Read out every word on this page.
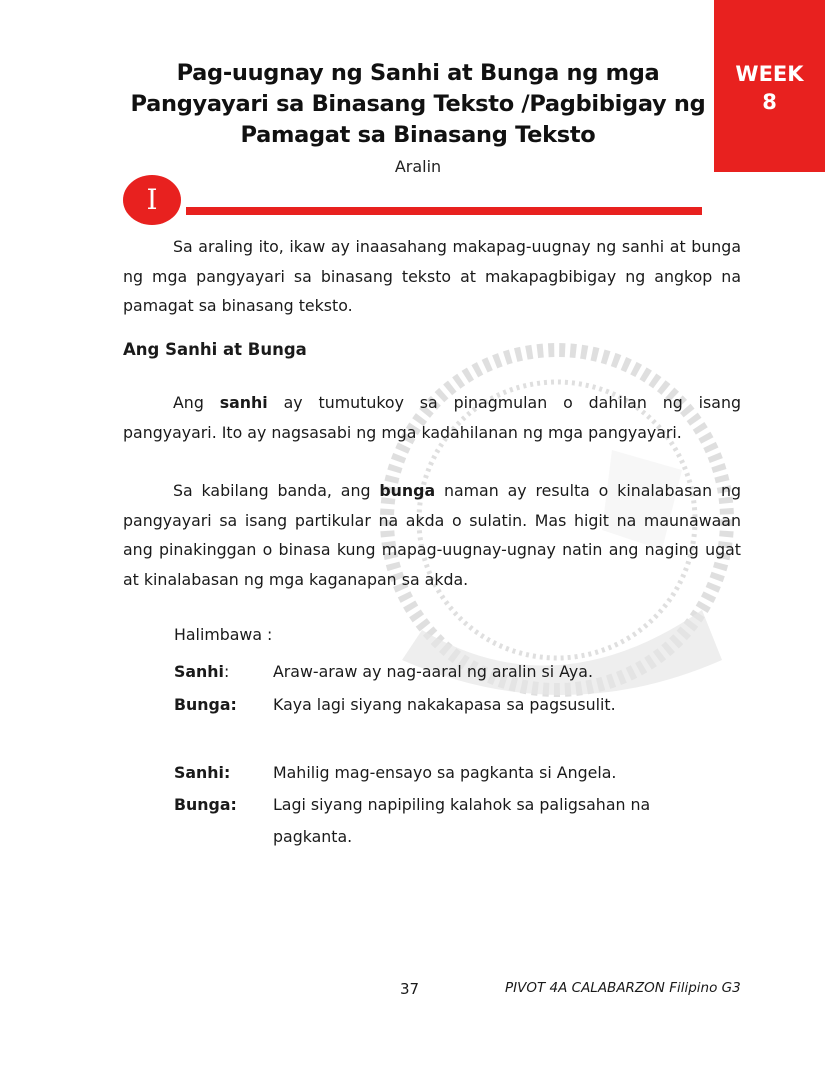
WEEK
8
Pag-uugnay ng Sanhi at Bunga ng mga
Pangyayari sa Binasang Teksto /Pagbibigay ng
Pamagat sa Binasang Teksto
Aralin
I

Sa araling ito, ikaw ay inaasahang makapag-uugnay ng sanhi at bunga ng mga pangyayari sa binasang teksto at makapagbibigay ng angkop na pamagat sa binasang teksto.

Ang Sanhi at Bunga

Ang sanhi ay tumutukoy sa pinagmulan o dahilan ng isang pangyayari. Ito ay nagsasabi ng mga kadahilanan ng mga pangyayari.

Sa kabilang banda, ang bunga naman ay resulta o kinalabasan ng pangyayari sa isang partikular na akda o sulatin. Mas higit na maunawaan ang pinakinggan o binasa kung mapag-uugnay-ugnay natin ang naging ugat at kinalabasan ng mga kaganapan sa akda.

Halimbawa :
Sanhi:	Araw-araw ay nag-aaral ng aralin si Aya.
Bunga: Kaya lagi siyang nakakapasa sa pagsusulit.
Sanhi:	Mahilig mag-ensayo sa pagkanta si Angela.
Bunga: Lagi siyang napipiling kalahok sa paligsahan na pagkanta.
37	PIVOT 4A CALABARZON Filipino G3
